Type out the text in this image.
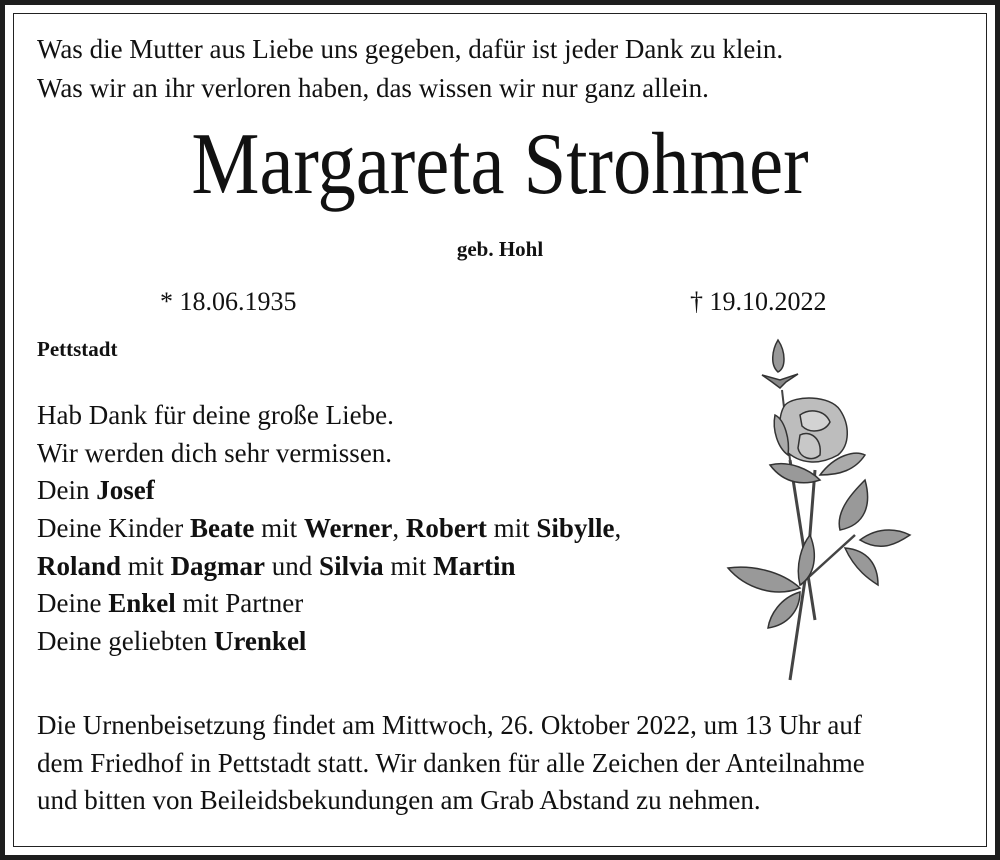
Was die Mutter aus Liebe uns gegeben, dafür ist jeder Dank zu klein.
Was wir an ihr verloren haben, das wissen wir nur ganz allein.
Margareta Strohmer
geb. Hohl
* 18.06.1935	† 19.10.2022
Pettstadt
Hab Dank für deine große Liebe.
Wir werden dich sehr vermissen.
Dein Josef
Deine Kinder Beate mit Werner, Robert mit Sibylle,
Roland mit Dagmar und Silvia mit Martin
Deine Enkel mit Partner
Deine geliebten Urenkel
Die Urnenbeisetzung findet am Mittwoch, 26. Oktober 2022, um 13 Uhr auf
dem Friedhof in Pettstadt statt. Wir danken für alle Zeichen der Anteilnahme
und bitten von Beileidsbekundungen am Grab Abstand zu nehmen.
